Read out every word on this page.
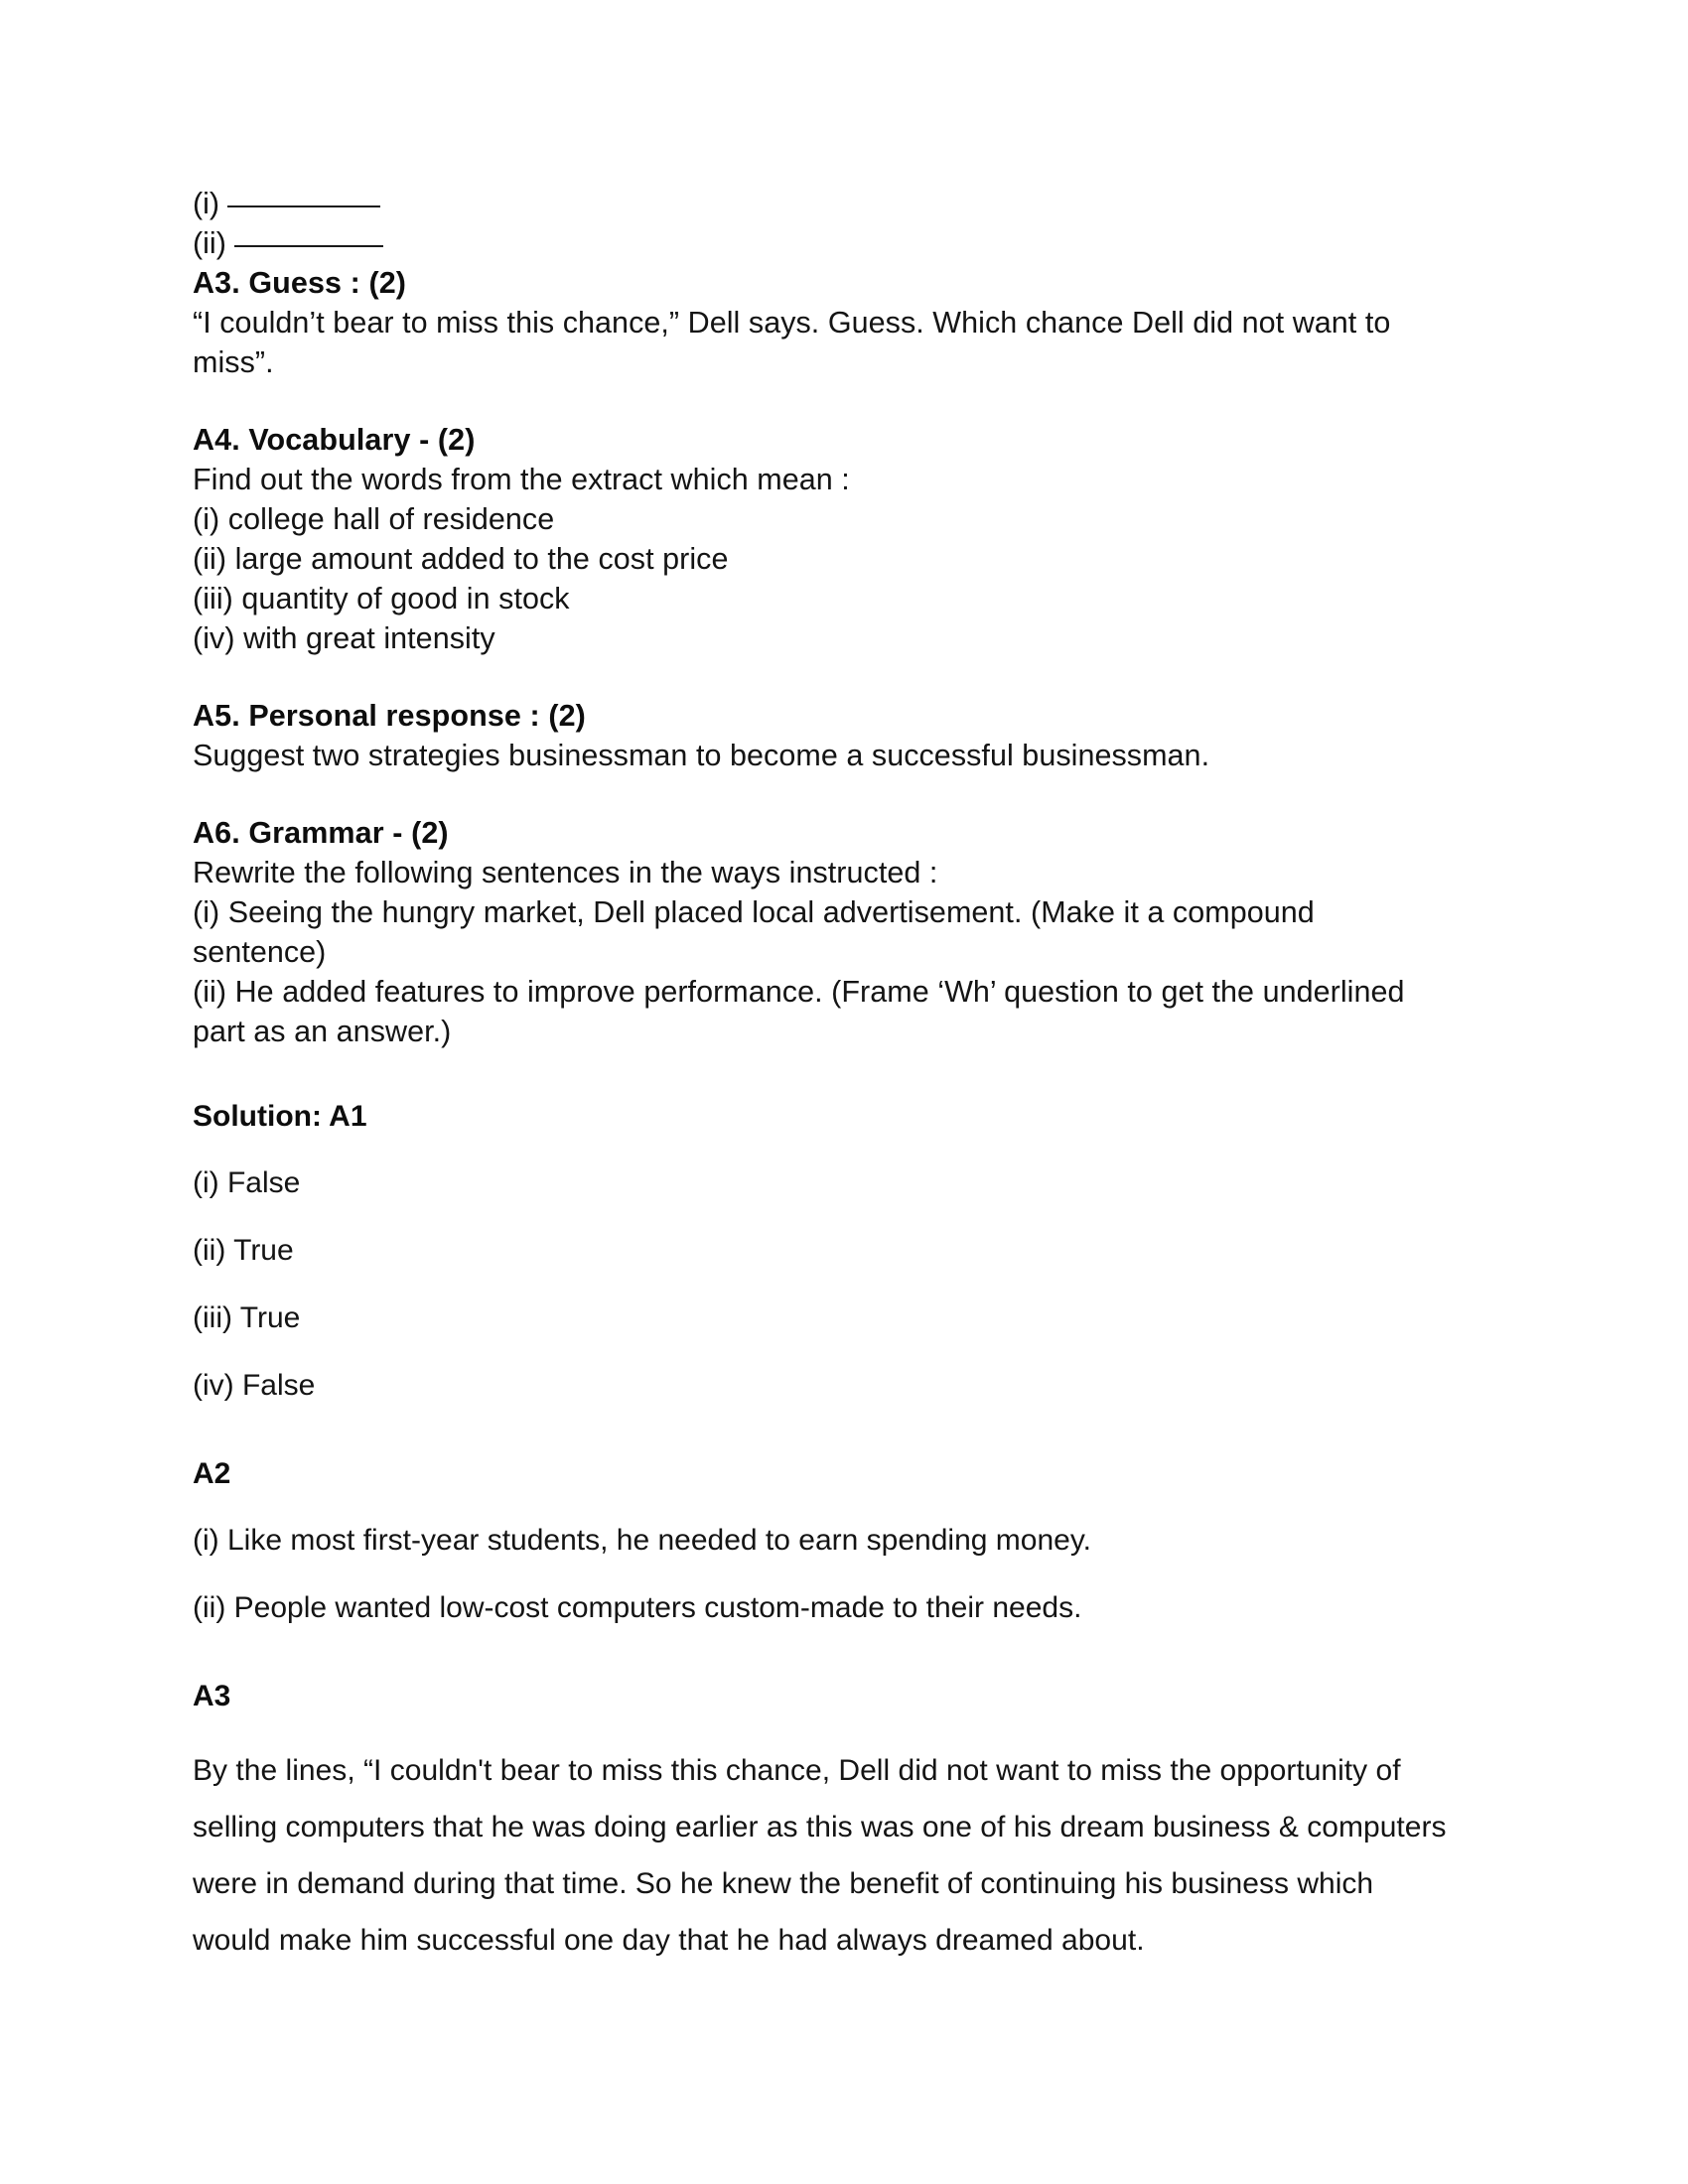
(i)

(ii)

A3. Guess : (2)

“I couldn’t bear to miss this chance,” Dell says. Guess. Which chance Dell did not want to miss”.

A4. Vocabulary - (2)

Find out the words from the extract which mean :

(i) college hall of residence

(ii) large amount added to the cost price

(iii) quantity of good in stock

(iv) with great intensity

A5. Personal response : (2)

Suggest two strategies businessman to become a successful businessman.

A6. Grammar - (2)

Rewrite the following sentences in the ways instructed :

(i) Seeing the hungry market, Dell placed local advertisement. (Make it a compound sentence)

(ii) He added features to improve performance. (Frame ‘Wh’ question to get the underlined part as an answer.)

Solution: A1

(i) False

(ii) True

(iii) True

(iv) False

A2

(i) Like most first-year students, he needed to earn spending money.

(ii) People wanted low-cost computers custom-made to their needs.

A3

By the lines, “I couldn't bear to miss this chance, Dell did not want to miss the opportunity of selling computers that he was doing earlier as this was one of his dream business & computers were in demand during that time. So he knew the benefit of continuing his business which would make him successful one day that he had always dreamed about.
